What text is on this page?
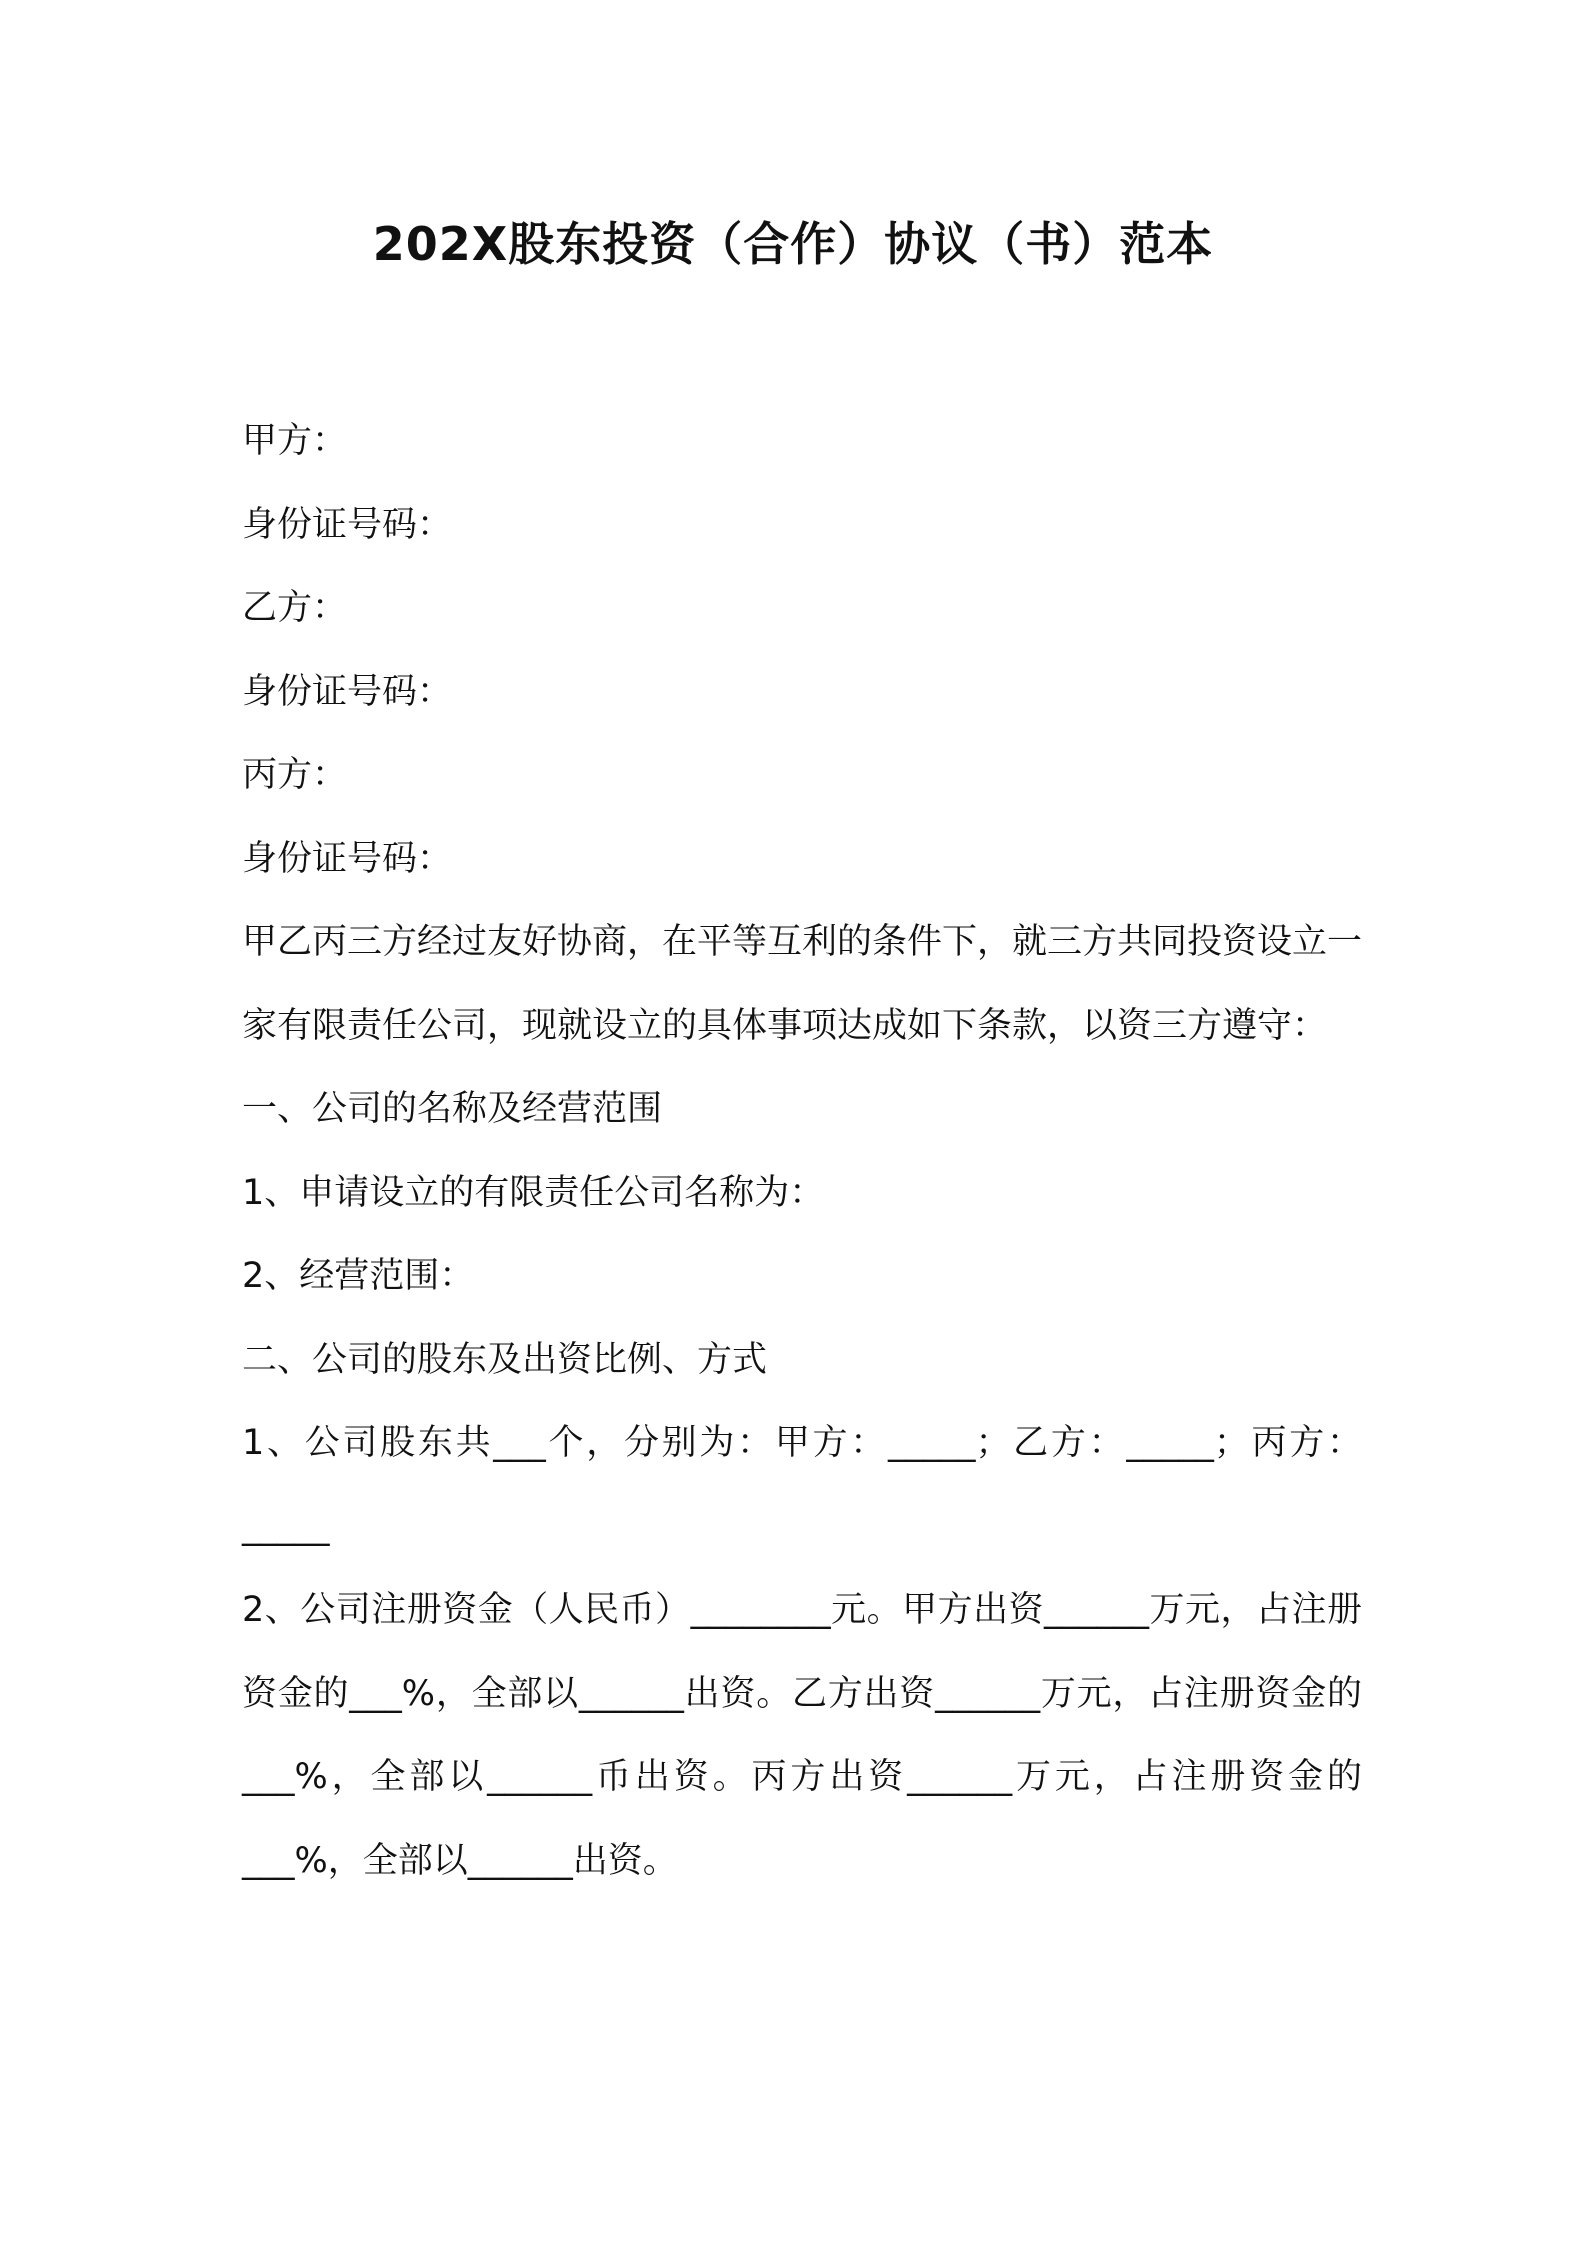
202X股东投资（合作）协议（书）范本

甲方：

身份证号码：

乙方：

身份证号码：

丙方：

身份证号码：

甲乙丙三方经过友好协商，在平等互利的条件下，就三方共同投资设立一家有限责任公司，现就设立的具体事项达成如下条款，以资三方遵守：

一、公司的名称及经营范围

1、申请设立的有限责任公司名称为：

2、经营范围：

二、公司的股东及出资比例、方式

1、公司股东共___个，分别为：甲方：_____；乙方：_____；丙方：_____

2、公司注册资金（人民币）________元。甲方出资______万元，占注册资金的___%，全部以______出资。乙方出资______万元，占注册资金的___%，全部以______币出资。丙方出资______万元，占注册资金的___%，全部以______出资。
